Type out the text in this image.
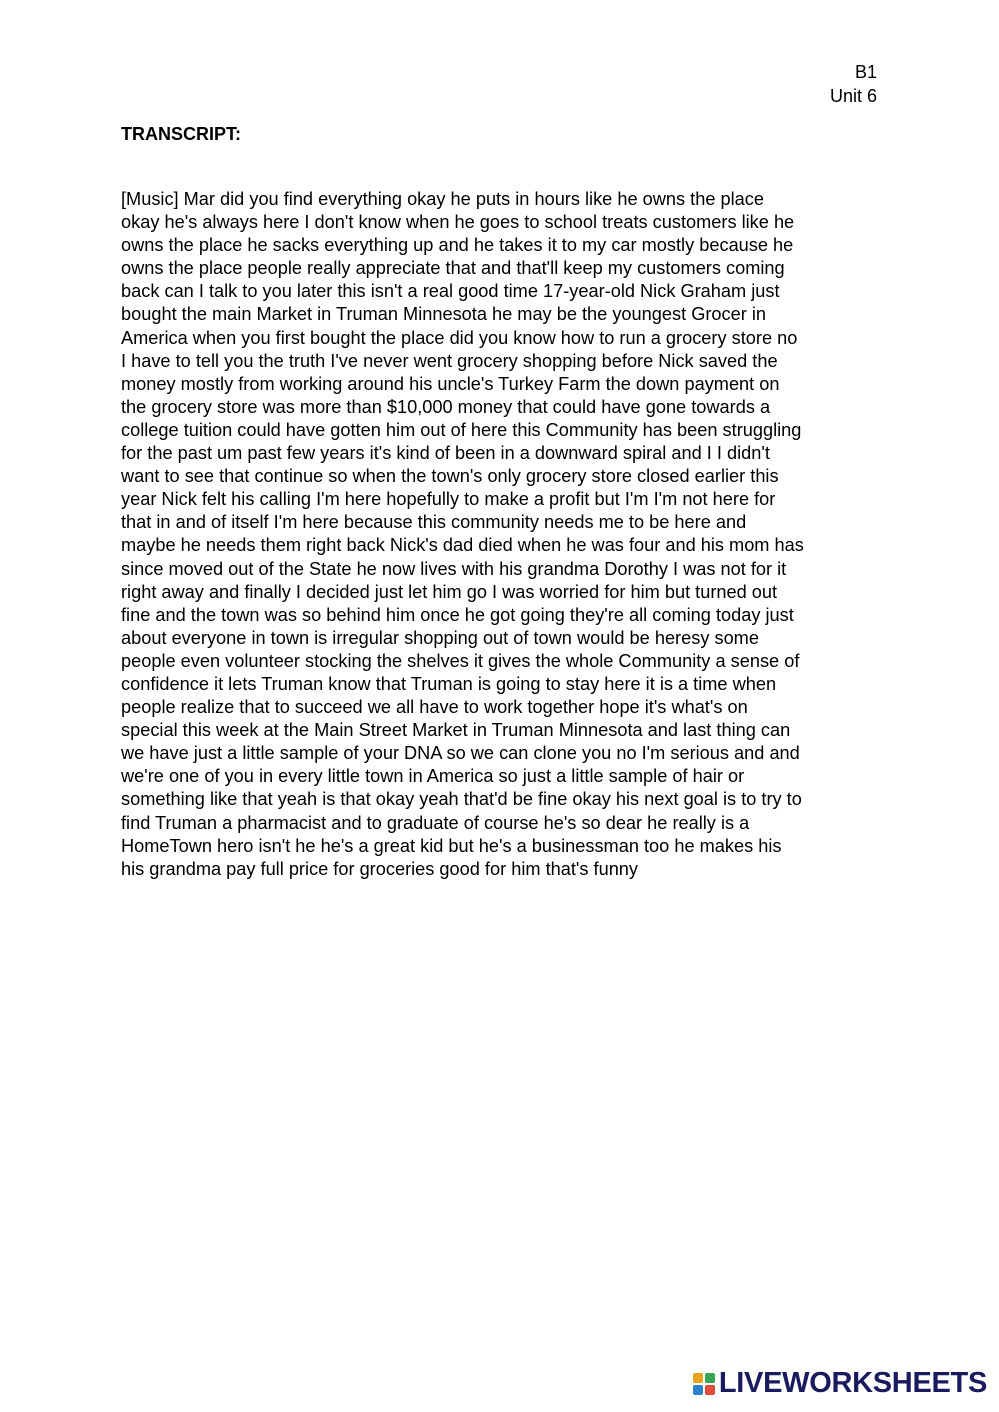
B1
Unit 6
TRANSCRIPT:
[Music] Mar did you find everything okay he puts in hours like he owns the place
okay he's always here I don't know when he goes to school treats customers like he
owns the place he sacks everything up and he takes it to my car mostly because he
owns the place people really appreciate that and that'll keep my customers coming
back can I talk to you later this isn't a real good time 17-year-old Nick Graham just
bought the main Market in Truman Minnesota he may be the youngest Grocer in
America when you first bought the place did you know how to run a grocery store no
I have to tell you the truth I've never went grocery shopping before Nick saved the
money mostly from working around his uncle's Turkey Farm the down payment on
the grocery store was more than $10,000 money that could have gone towards a
college tuition could have gotten him out of here this Community has been struggling
for the past um past few years it's kind of been in a downward spiral and I I didn't
want to see that continue so when the town's only grocery store closed earlier this
year Nick felt his calling I'm here hopefully to make a profit but I'm I'm not here for
that in and of itself I'm here because this community needs me to be here and
maybe he needs them right back Nick's dad died when he was four and his mom has
since moved out of the State he now lives with his grandma Dorothy I was not for it
right away and finally I decided just let him go I was worried for him but turned out
fine and the town was so behind him once he got going they're all coming today just
about everyone in town is irregular shopping out of town would be heresy some
people even volunteer stocking the shelves it gives the whole Community a sense of
confidence it lets Truman know that Truman is going to stay here it is a time when
people realize that to succeed we all have to work together hope it's what's on
special this week at the Main Street Market in Truman Minnesota and last thing can
we have just a little sample of your DNA so we can clone you no I'm serious and and
we're one of you in every little town in America so just a little sample of hair or
something like that yeah is that okay yeah that'd be fine okay his next goal is to try to
find Truman a pharmacist and to graduate of course he's so dear he really is a
HomeTown hero isn't he he's a great kid but he's a businessman too he makes his
his grandma pay full price for groceries good for him that's funny
LIVEWORKSHEETS
